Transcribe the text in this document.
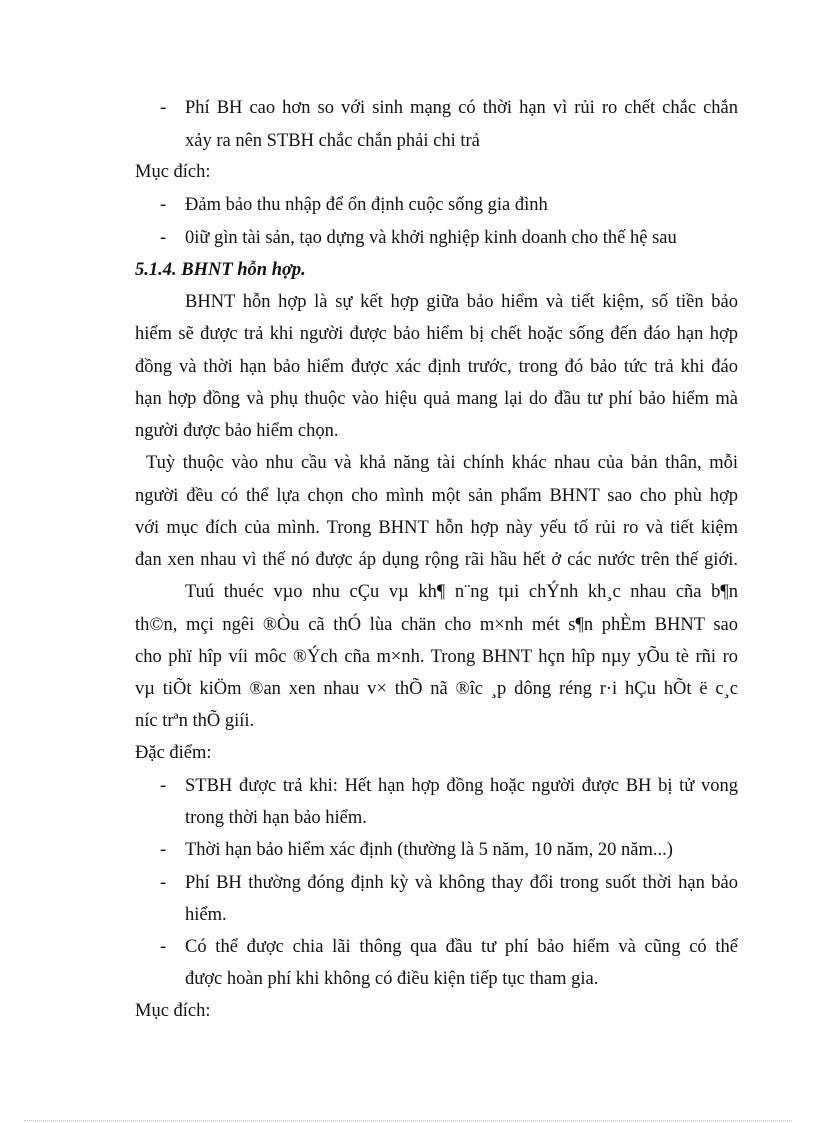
- Phí BH cao hơn so với sinh mạng có thời hạn vì rủi ro chết chắc chắn
xảy ra nên STBH chắc chắn phải chi trả
Mục đích:
- Đảm bảo thu nhập để ổn định cuộc sống gia đình
- 0iữ gìn tài sản, tạo dựng và khởi nghiệp kinh doanh cho thế hệ sau
5.1.4. BHNT hỗn hợp.
BHNT hỗn hợp là sự kết hợp giữa bảo hiểm và tiết kiệm, số tiền bảo
hiểm sẽ được trả khi người được bảo hiểm bị chết hoặc sống đến đáo hạn hợp
đồng và thời hạn bảo hiểm được xác định trước, trong đó bảo tức trả khi đáo
hạn hợp đồng và phụ thuộc vào hiệu quả mang lại do đầu tư phí bảo hiểm mà
người được bảo hiểm chọn.
Tuỳ thuộc vào nhu cầu và khả năng tài chính khác nhau của bản thân, mỗi
người đều có thể lựa chọn cho mình một sản phẩm BHNT sao cho phù hợp
với mục đích của mình. Trong BHNT hỗn hợp này yếu tố rủi ro và tiết kiệm
đan xen nhau vì thế nó được áp dụng rộng rãi hầu hết ở các nước trên thế giới.
Tuú thuéc vµo nhu cÇu vµ kh¶ n¨ng tµi chÝnh kh¸c nhau cña b¶n
th©n, mçi ngêi ®Òu cã thÓ lùa chän cho m×nh mét s¶n phÈm BHNT sao
cho phï hîp víi môc ®Ých cña m×nh. Trong BHNT hçn hîp nµy yÕu tè rñi ro
vµ tiÕt kiÖm ®an xen nhau v× thÕ nã ®îc ¸p dông réng r·i hÇu hÕt ë c¸c
níc trªn thÕ giíi.
Đặc điểm:
- STBH được trả khi: Hết hạn hợp đồng hoặc người được BH bị tử vong
trong thời hạn bảo hiểm.
- Thời hạn bảo hiểm xác định (thường là 5 năm, 10 năm, 20 năm...)
- Phí BH thường đóng định kỳ và không thay đổi trong suốt thời hạn bảo
hiểm.
- Có thể được chia lãi thông qua đầu tư phí bảo hiểm và cũng có thể
được hoàn phí khi không có điều kiện tiếp tục tham gia.
Mục đích:
